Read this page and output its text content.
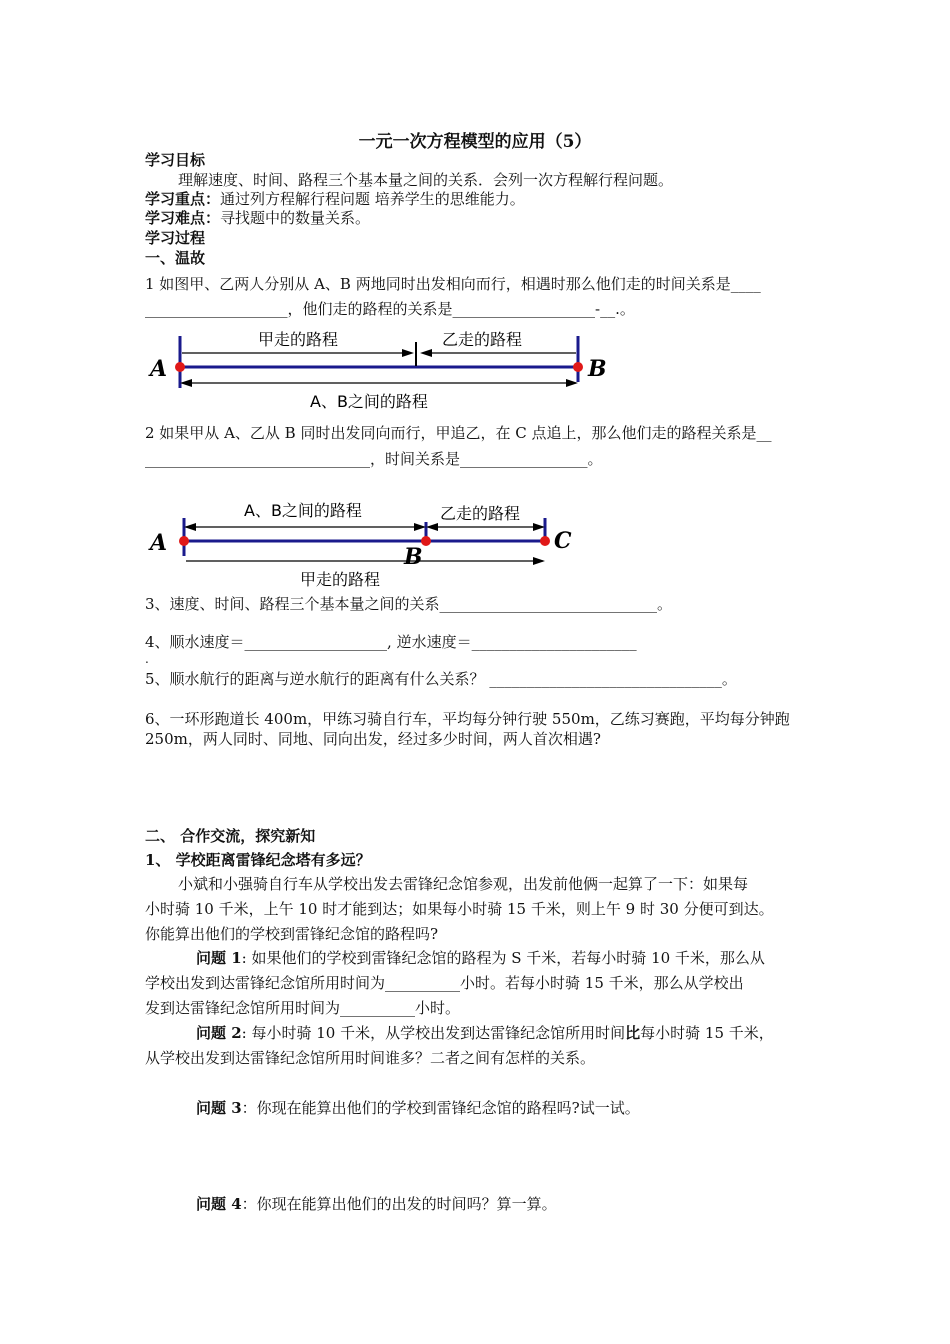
一元一次方程模型的应用（5）
学习目标
理解速度、时间、路程三个基本量之间的关系．会列一次方程解行程问题。
学习重点：通过列方程解行程问题 培养学生的思维能力。
学习难点：寻找题中的数量关系。
学习过程
一、温故
1 如图甲、乙两人分别从 A、B 两地同时出发相向而行，相遇时那么他们走的时间关系是____
___________________，他们走的路程的关系是___________________-__.。
A	B
甲走的路程	乙走的路程
A、B之间的路程
2 如果甲从 A、乙从 B 同时出发同向而行，甲追乙，在 C 点追上，那么他们走的路程关系是__
______________________________，时间关系是_________________。
A
B
C
A、B之间的路程	乙走的路程
甲走的路程
3、速度、时间、路程三个基本量之间的关系_____________________________。
4、顺水速度＝___________________, 逆水速度＝______________________
.
5、顺水航行的距离与逆水航行的距离有什么关系？ _______________________________。
6、一环形跑道长 400m，甲练习骑自行车，平均每分钟行驶 550m，乙练习赛跑，平均每分钟跑
250m，两人同时、同地、同向出发，经过多少时间，两人首次相遇?
二、 合作交流，探究新知
1、 学校距离雷锋纪念塔有多远？
小斌和小强骑自行车从学校出发去雷锋纪念馆参观，出发前他俩一起算了一下：如果每
小时骑 10 千米，上午 10 时才能到达；如果每小时骑 15 千米，则上午 9 时 30 分便可到达。
你能算出他们的学校到雷锋纪念馆的路程吗?
问题 1: 如果他们的学校到雷锋纪念馆的路程为 S 千米，若每小时骑 10 千米，那么从
学校出发到达雷锋纪念馆所用时间为__________小时。若每小时骑 15 千米，那么从学校出
发到达雷锋纪念馆所用时间为__________小时。
问题 2: 每小时骑 10 千米，从学校出发到达雷锋纪念馆所用时间比每小时骑 15 千米，
从学校出发到达雷锋纪念馆所用时间谁多？二者之间有怎样的关系。
问题 3：你现在能算出他们的学校到雷锋纪念馆的路程吗?试一试。
问题 4：你现在能算出他们的出发的时间吗？算一算。
